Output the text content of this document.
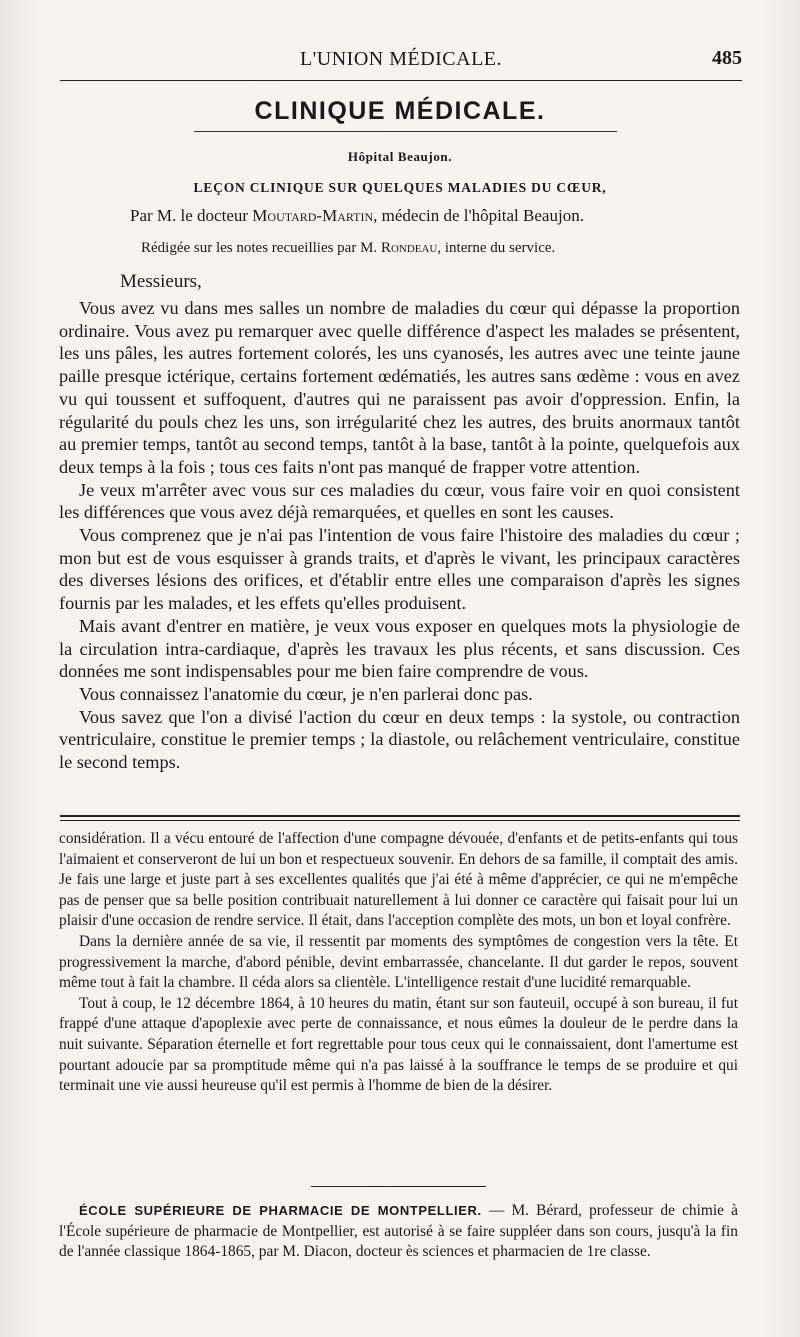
L'UNION MÉDICALE.	485
CLINIQUE MÉDICALE.
Hôpital Beaujon.
LEÇON CLINIQUE SUR QUELQUES MALADIES DU CŒUR,
Par M. le docteur Moutard-Martin, médecin de l'hôpital Beaujon.
Rédigée sur les notes recueillies par M. Rondeau, interne du service.
Messieurs,

Vous avez vu dans mes salles un nombre de maladies du cœur qui dépasse la proportion ordinaire. Vous avez pu remarquer avec quelle différence d'aspect les malades se présentent, les uns pâles, les autres fortement colorés, les uns cyanosés, les autres avec une teinte jaune paille presque ictérique, certains fortement œdématiés, les autres sans œdème : vous en avez vu qui toussent et suffoquent, d'autres qui ne paraissent pas avoir d'oppression. Enfin, la régularité du pouls chez les uns, son irrégularité chez les autres, des bruits anormaux tantôt au premier temps, tantôt au second temps, tantôt à la base, tantôt à la pointe, quelquefois aux deux temps à la fois ; tous ces faits n'ont pas manqué de frapper votre attention.

Je veux m'arrêter avec vous sur ces maladies du cœur, vous faire voir en quoi consistent les différences que vous avez déjà remarquées, et quelles en sont les causes.

Vous comprenez que je n'ai pas l'intention de vous faire l'histoire des maladies du cœur ; mon but est de vous esquisser à grands traits, et d'après le vivant, les principaux caractères des diverses lésions des orifices, et d'établir entre elles une comparaison d'après les signes fournis par les malades, et les effets qu'elles produisent.

Mais avant d'entrer en matière, je veux vous exposer en quelques mots la physiologie de la circulation intra-cardiaque, d'après les travaux les plus récents, et sans discussion. Ces données me sont indispensables pour me bien faire comprendre de vous.

Vous connaissez l'anatomie du cœur, je n'en parlerai donc pas.

Vous savez que l'on a divisé l'action du cœur en deux temps : la systole, ou contraction ventriculaire, constitue le premier temps ; la diastole, ou relâchement ventriculaire, constitue le second temps.

considération. Il a vécu entouré de l'affection d'une compagne dévouée, d'enfants et de petits-enfants qui tous l'aimaient et conserveront de lui un bon et respectueux souvenir. En dehors de sa famille, il comptait des amis. Je fais une large et juste part à ses excellentes qualités que j'ai été à même d'apprécier, ce qui ne m'empêche pas de penser que sa belle position contribuait naturellement à lui donner ce caractère qui faisait pour lui un plaisir d'une occasion de rendre service. Il était, dans l'acception complète des mots, un bon et loyal confrère.

Dans la dernière année de sa vie, il ressentit par moments des symptômes de congestion vers la tête. Et progressivement la marche, d'abord pénible, devint embarrassée, chancelante. Il dut garder le repos, souvent même tout à fait la chambre. Il céda alors sa clientèle. L'intelligence restait d'une lucidité remarquable.

Tout à coup, le 12 décembre 1864, à 10 heures du matin, étant sur son fauteuil, occupé à son bureau, il fut frappé d'une attaque d'apoplexie avec perte de connaissance, et nous eûmes la douleur de le perdre dans la nuit suivante. Séparation éternelle et fort regrettable pour tous ceux qui le connaissaient, dont l'amertume est pourtant adoucie par sa promptitude même qui n'a pas laissé à la souffrance le temps de se produire et qui terminait une vie aussi heureuse qu'il est permis à l'homme de bien de la désirer.

ÉCOLE SUPÉRIEURE DE PHARMACIE DE MONTPELLIER. — M. Bérard, professeur de chimie à l'École supérieure de pharmacie de Montpellier, est autorisé à se faire suppléer dans son cours, jusqu'à la fin de l'année classique 1864-1865, par M. Diacon, docteur ès sciences et pharmacien de 1re classe.
